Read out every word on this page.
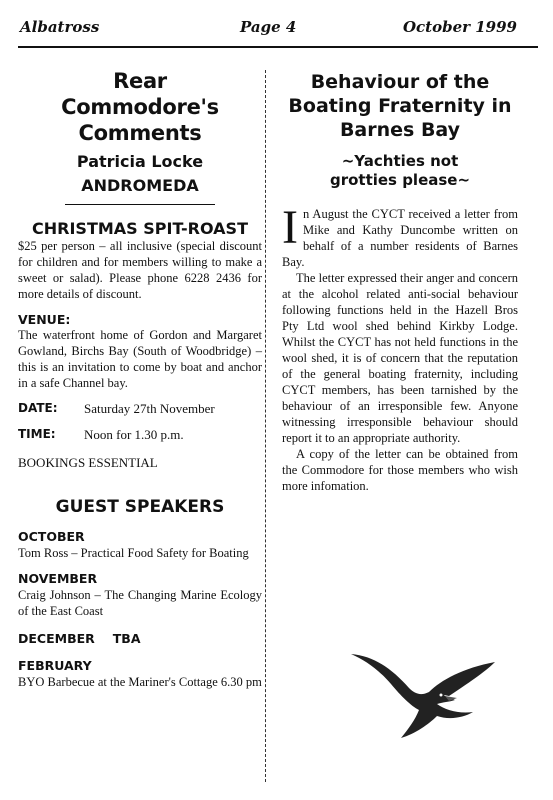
Albatross	Page 4	October 1999
Rear Commodore's Comments
Patricia Locke
ANDROMEDA
CHRISTMAS SPIT-ROAST

$25 per person – all inclusive (special discount for children and for members willing to make a sweet or salad). Please phone 6228 2436 for more details of discount.

VENUE:

The waterfront home of Gordon and Margaret Gowland, Birchs Bay (South of Woodbridge) – this is an invitation to come by boat and anchor in a safe Channel bay.

DATE:	Saturday 27th November
TIME:	Noon for 1.30 p.m.
BOOKINGS ESSENTIAL
GUEST SPEAKERS
OCTOBER

Tom Ross – Practical Food Safety for Boating

NOVEMBER

Craig Johnson – The Changing Marine Ecology of the East Coast

DECEMBER TBA
FEBRUARY

BYO Barbecue at the Mariner's Cottage 6.30 pm

Behaviour of the Boating Fraternity in Barnes Bay
~Yachties not grotties please~

In August the CYCT received a letter from Mike and Kathy Duncombe written on behalf of a number residents of Barnes Bay.

The letter expressed their anger and concern at the alcohol related anti-social behaviour following functions held in the Hazell Bros Pty Ltd wool shed behind Kirkby Lodge. Whilst the CYCT has not held functions in the wool shed, it is of concern that the reputation of the general boating fraternity, including CYCT members, has been tarnished by the behaviour of an irresponsible few. Anyone witnessing irresponsible behaviour should report it to an appropriate authority.

A copy of the letter can be obtained from the Commodore for those members who wish more infomation.
